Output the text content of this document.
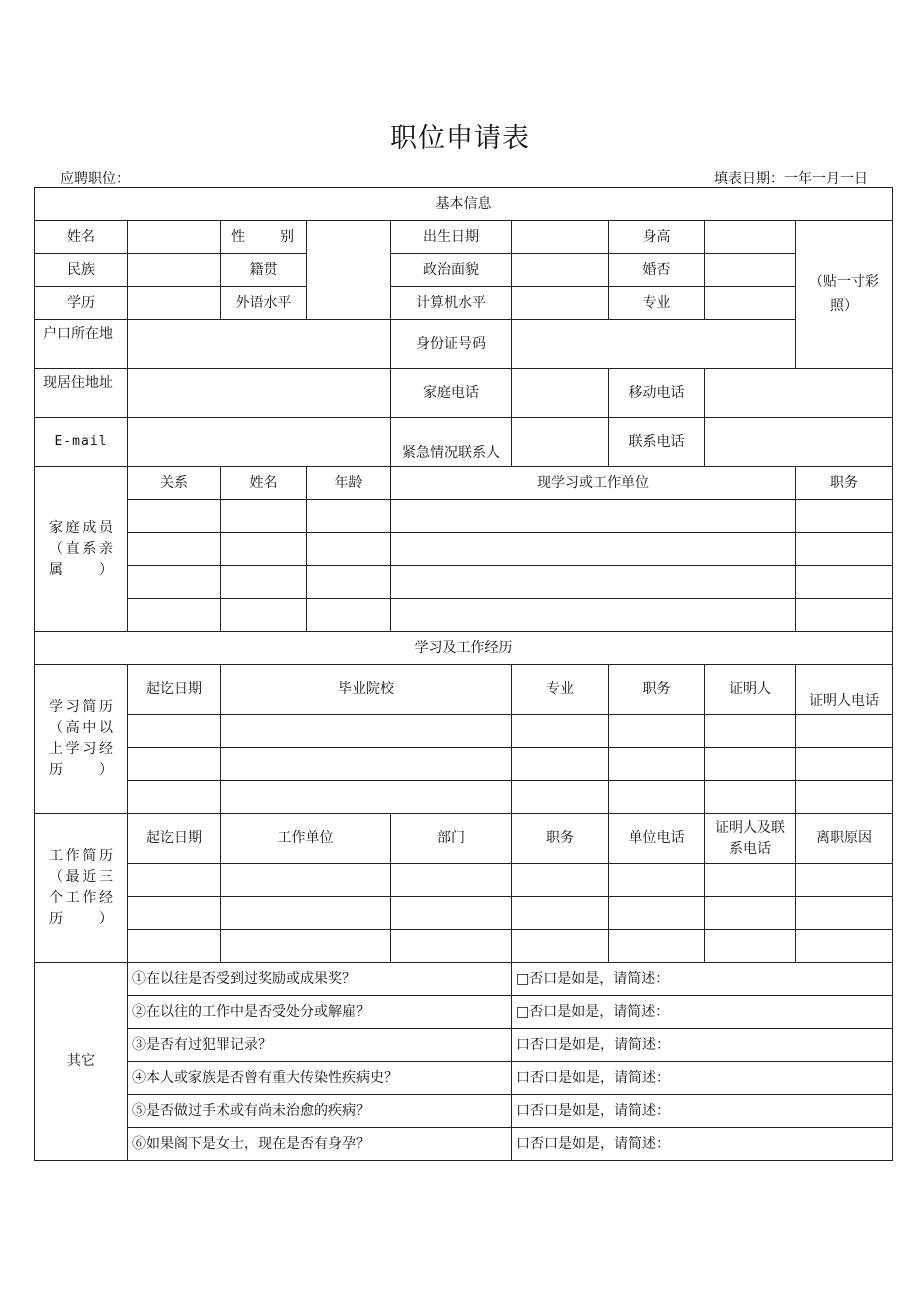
职位申请表
应聘职位：	填表日期：一年一月一日
基本信息								
姓名		性 别		出生日期		身高		（贴一寸彩照）
民族		籍贯		政治面貌		婚否		
学历		外语水平		计算机水平		专业		
户口所在地				身份证号码				
现居住地址				家庭电话		移动电话		
E-mail				紧急情况联系人		联系电话		
家庭成员（直系亲属）	关系	姓名	年龄	现学习或工作单位				职务

学习及工作经历								
学习简历（高中以上学习经历）	起讫日期	毕业院校			专业	职务	证明人	证明人电话

工作简历（最近三个工作经历）	起讫日期	工作单位		部门	职务	单位电话	证明人及联系电话	离职原因

其它	①在以往是否受到过奖励或成果奖？				□否口是如是，请简述：			
	②在以往的工作中是否受处分或解雇？				□否口是如是，请简述：			
	③是否有过犯罪记录？				口否口是如是，请简述：			
	④本人或家族是否曾有重大传染性疾病史？				口否口是如是，请简述：			
	⑤是否做过手术或有尚未治愈的疾病？				口否口是如是，请简述：			
	⑥如果阁下是女士，现在是否有身孕？				口否口是如是，请简述：			
